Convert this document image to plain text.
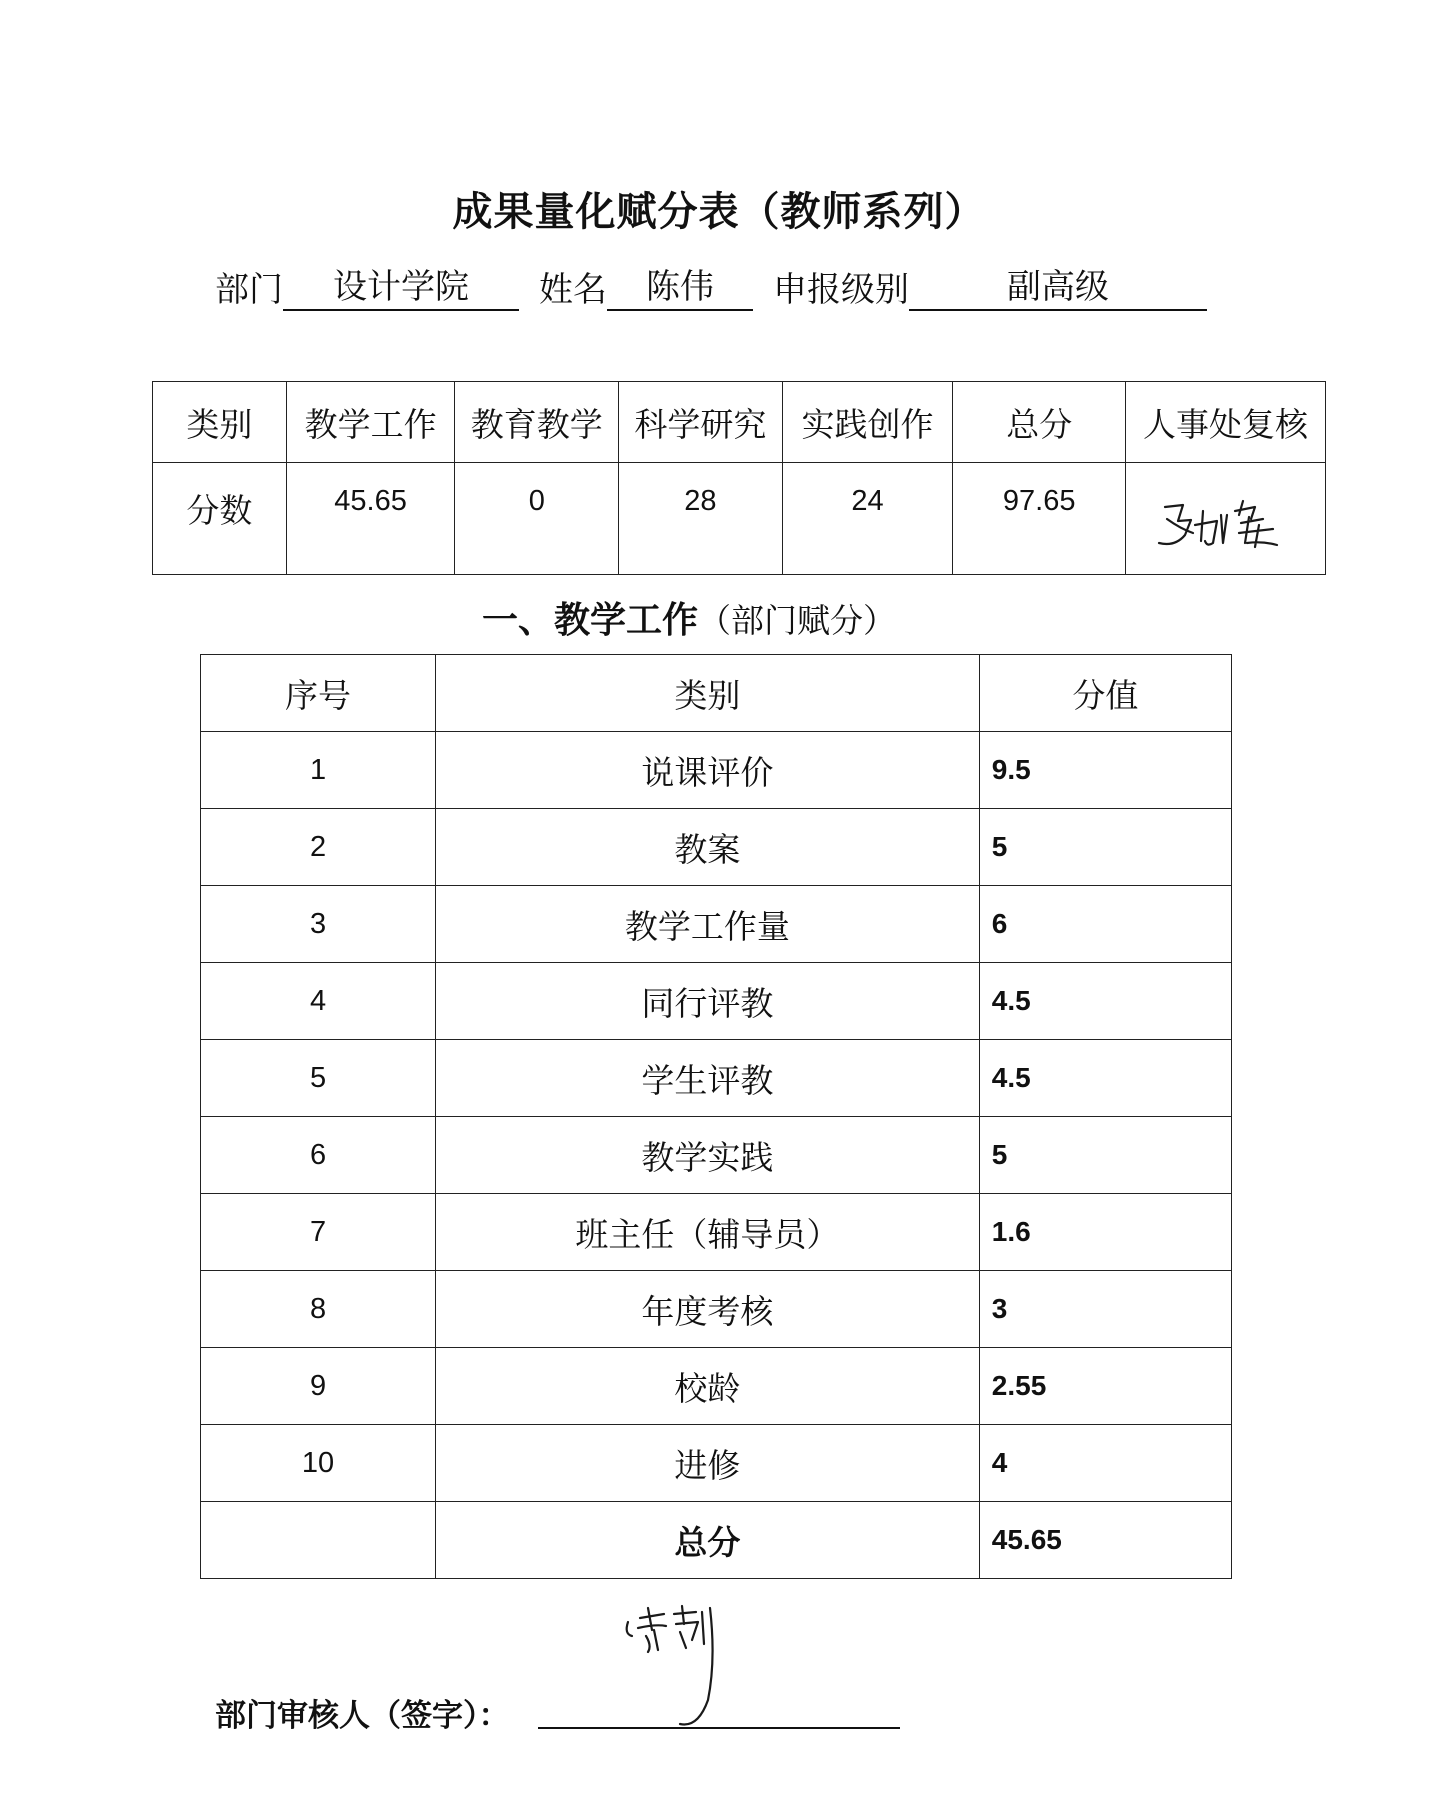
成果量化赋分表（教师系列）
部门 设计学院 姓名 陈伟 申报级别	副高级
类别	教学工作	教育教学	科学研究	实践创作	总分	人事处复核
分数	45.65	0	28	24	97.65	
一、教学工作（部门赋分）
序号	类别	分值
1	说课评价	9.5
2	教案	5
3	教学工作量	6
4	同行评教	4.5
5	学生评教	4.5
6	教学实践	5
7	班主任（辅导员）	1.6
8	年度考核	3
9	校龄	2.55
10	进修	4
	总分	45.65
部门审核人（签字）：
